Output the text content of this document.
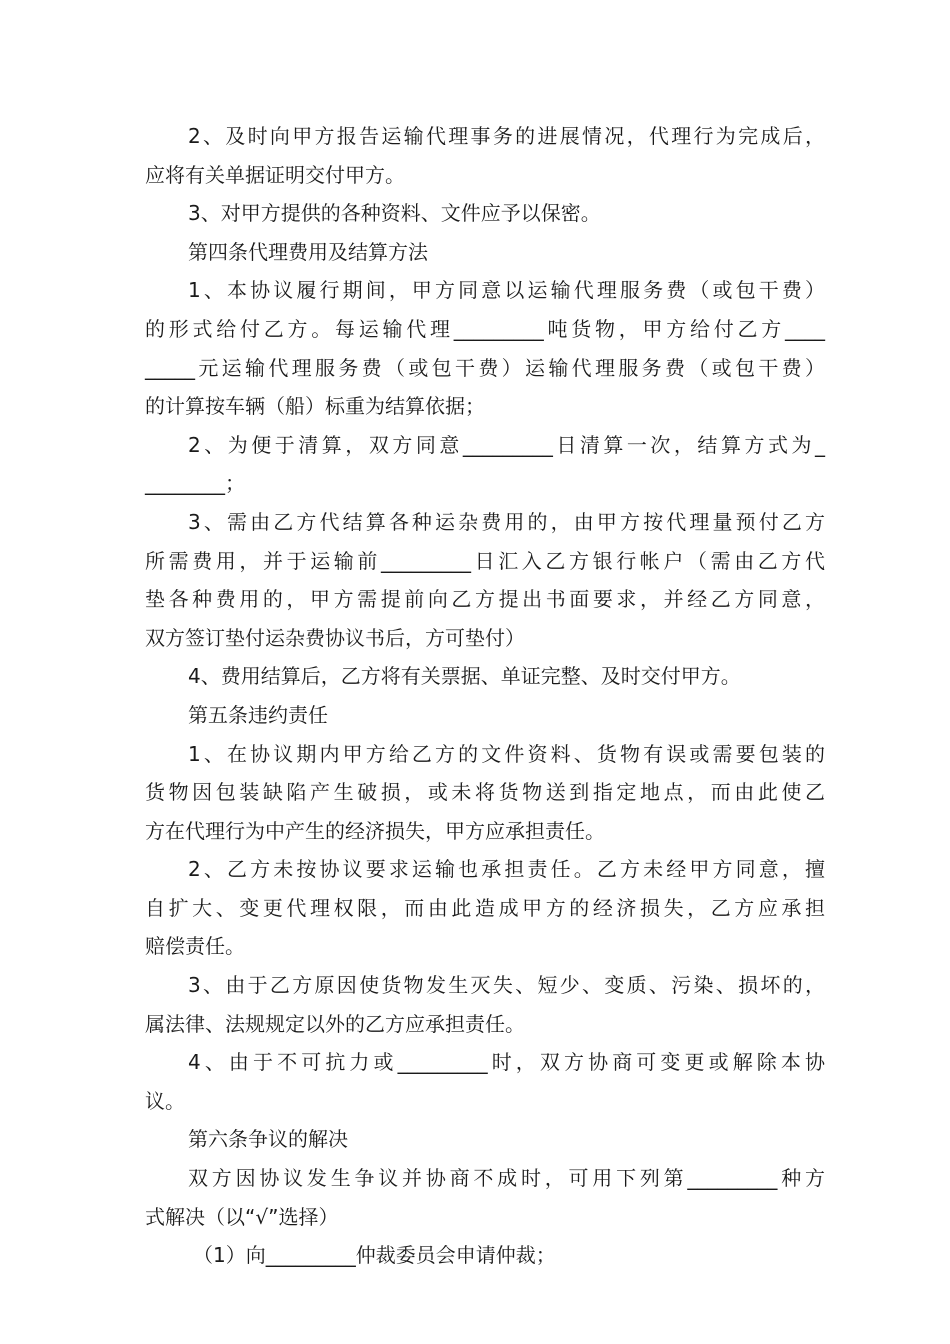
2、及时向甲方报告运输代理事务的进展情况，代理行为完成后，
应将有关单据证明交付甲方。
3、对甲方提供的各种资料、文件应予以保密。
第四条代理费用及结算方法
1、本协议履行期间，甲方同意以运输代理服务费（或包干费）
的形式给付乙方。每运输代理_________吨货物，甲方给付乙方____
_____元运输代理服务费（或包干费）运输代理服务费（或包干费）
的计算按车辆（船）标重为结算依据；
2、为便于清算，双方同意_________日清算一次，结算方式为_
________；
3、需由乙方代结算各种运杂费用的，由甲方按代理量预付乙方
所需费用，并于运输前_________日汇入乙方银行帐户（需由乙方代
垫各种费用的，甲方需提前向乙方提出书面要求，并经乙方同意，
双方签订垫付运杂费协议书后，方可垫付）
4、费用结算后，乙方将有关票据、单证完整、及时交付甲方。
第五条违约责任
1、在协议期内甲方给乙方的文件资料、货物有误或需要包装的
货物因包装缺陷产生破损，或未将货物送到指定地点，而由此使乙
方在代理行为中产生的经济损失，甲方应承担责任。
2、乙方未按协议要求运输也承担责任。乙方未经甲方同意，擅
自扩大、变更代理权限，而由此造成甲方的经济损失，乙方应承担
赔偿责任。
3、由于乙方原因使货物发生灭失、短少、变质、污染、损坏的，
属法律、法规规定以外的乙方应承担责任。
4、由于不可抗力或_________时，双方协商可变更或解除本协
议。
第六条争议的解决
双方因协议发生争议并协商不成时，可用下列第_________种方
式解决（以“√”选择）
（1）向_________仲裁委员会申请仲裁；
